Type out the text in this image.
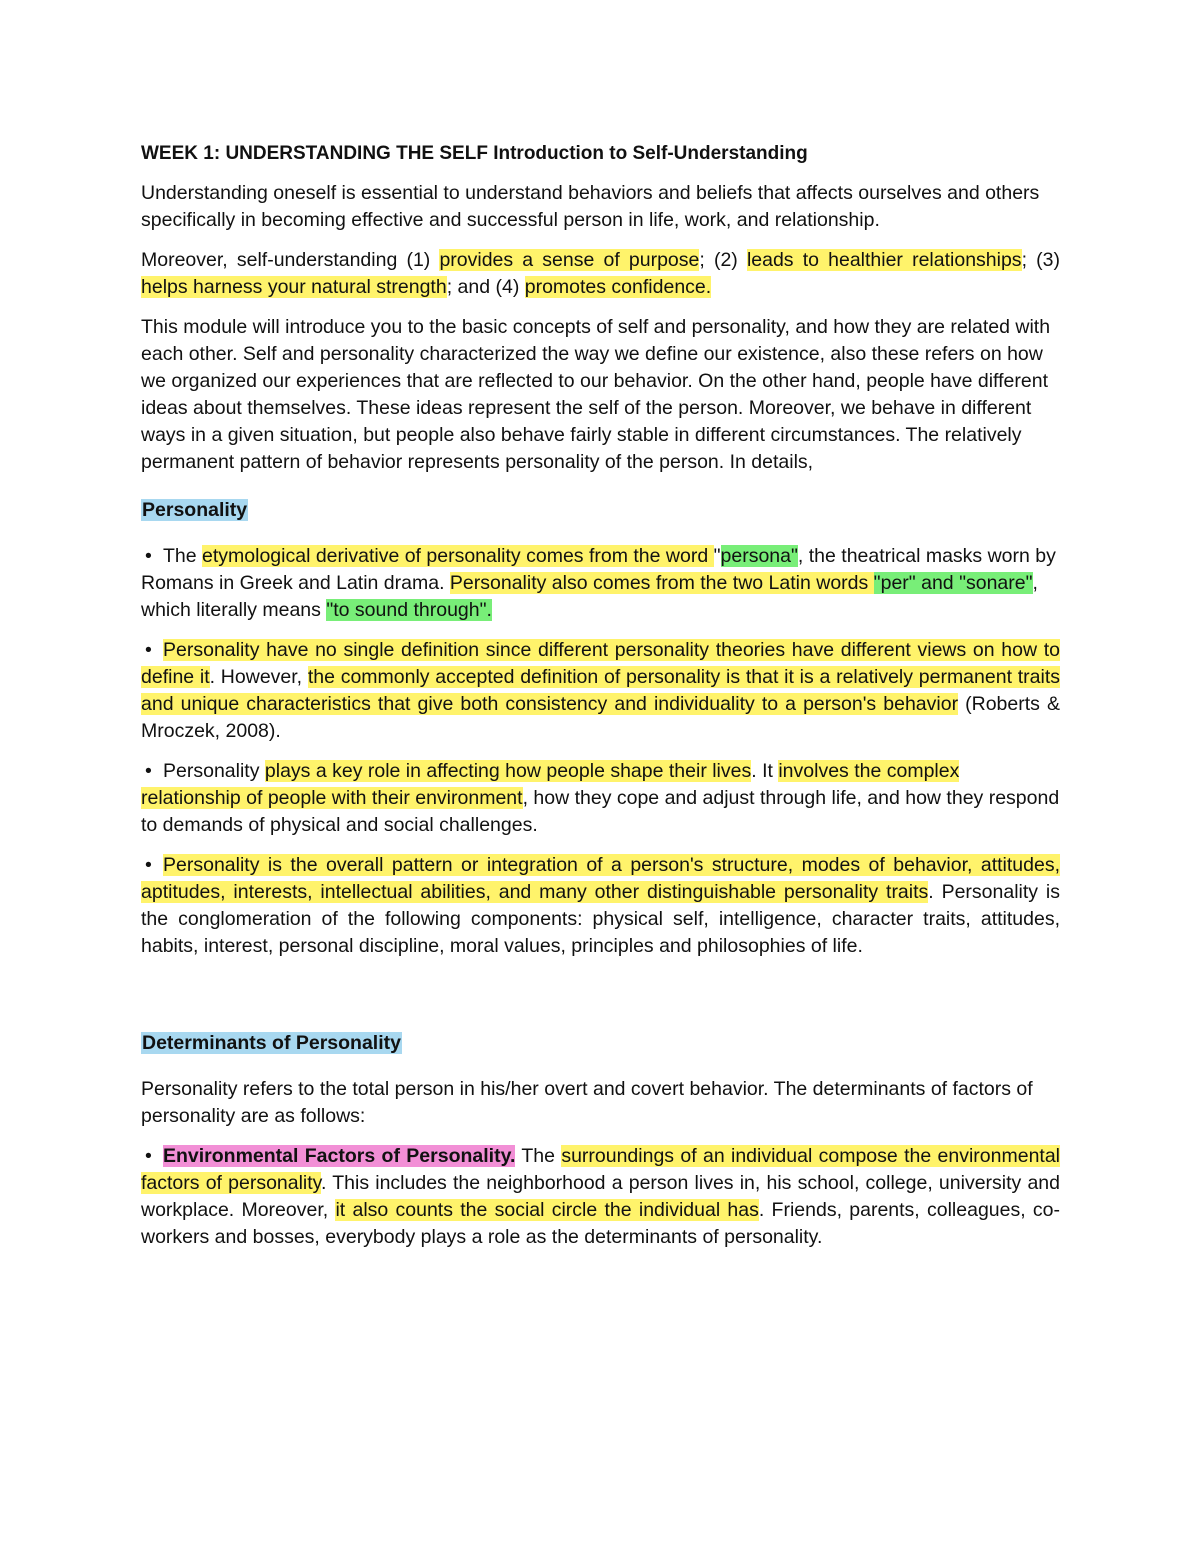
WEEK 1: UNDERSTANDING THE SELF Introduction to Self-Understanding

Understanding oneself is essential to understand behaviors and beliefs that affects ourselves and others specifically in becoming effective and successful person in life, work, and relationship.

Moreover, self-understanding (1) provides a sense of purpose; (2) leads to healthier relationships; (3) helps harness your natural strength; and (4) promotes confidence.

This module will introduce you to the basic concepts of self and personality, and how they are related with each other. Self and personality characterized the way we define our existence, also these refers on how we organized our experiences that are reflected to our behavior. On the other hand, people have different ideas about themselves. These ideas represent the self of the person. Moreover, we behave in different ways in a given situation, but people also behave fairly stable in different circumstances. The relatively permanent pattern of behavior represents personality of the person. In details,

Personality
• The etymological derivative of personality comes from the word "persona", the theatrical masks worn by Romans in Greek and Latin drama. Personality also comes from the two Latin words "per" and "sonare", which literally means "to sound through".
• Personality have no single definition since different personality theories have different views on how to define it. However, the commonly accepted definition of personality is that it is a relatively permanent traits and unique characteristics that give both consistency and individuality to a person's behavior (Roberts & Mroczek, 2008).
• Personality plays a key role in affecting how people shape their lives. It involves the complex relationship of people with their environment, how they cope and adjust through life, and how they respond to demands of physical and social challenges.
• Personality is the overall pattern or integration of a person's structure, modes of behavior, attitudes, aptitudes, interests, intellectual abilities, and many other distinguishable personality traits. Personality is the conglomeration of the following components: physical self, intelligence, character traits, attitudes, habits, interest, personal discipline, moral values, principles and philosophies of life.
Determinants of Personality

Personality refers to the total person in his/her overt and covert behavior. The determinants of factors of personality are as follows:

• Environmental Factors of Personality. The surroundings of an individual compose the environmental factors of personality. This includes the neighborhood a person lives in, his school, college, university and workplace. Moreover, it also counts the social circle the individual has. Friends, parents, colleagues, co-workers and bosses, everybody plays a role as the determinants of personality.
